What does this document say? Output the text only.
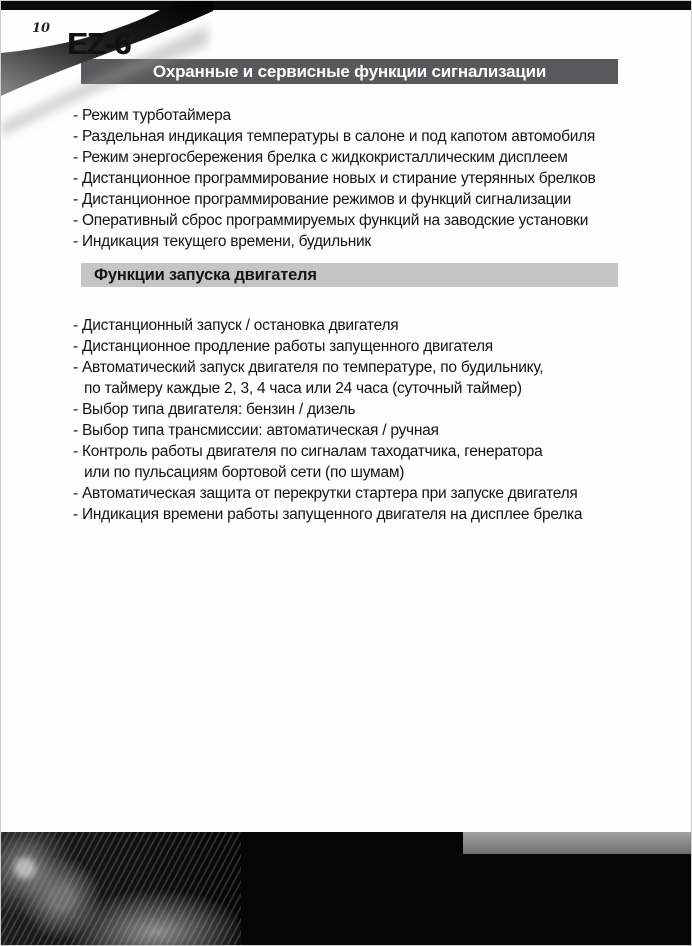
10 EZ-6
Охранные и сервисные функции сигнализации
- Режим турботаймера
- Раздельная индикация температуры в салоне и под капотом автомобиля
- Режим энергосбережения брелка с жидкокристаллическим дисплеем
- Дистанционное программирование новых и стирание утерянных брелков
- Дистанционное программирование режимов и функций сигнализации
- Оперативный сброс программируемых функций на заводские установки
- Индикация текущего времени, будильник
Функции запуска двигателя
- Дистанционный запуск / остановка двигателя
- Дистанционное продление работы запущенного двигателя
- Автоматический запуск двигателя по температуре, по будильнику,
по таймеру каждые 2, 3, 4 часа или 24 часа (суточный таймер)
- Выбор типа двигателя: бензин / дизель
- Выбор типа трансмиссии: автоматическая / ручная
- Контроль работы двигателя по сигналам таходатчика, генератора
или по пульсациям бортовой сети (по шумам)
- Автоматическая защита от перекрутки стартера при запуске двигателя
- Индикация времени работы запущенного двигателя на дисплее брелка
